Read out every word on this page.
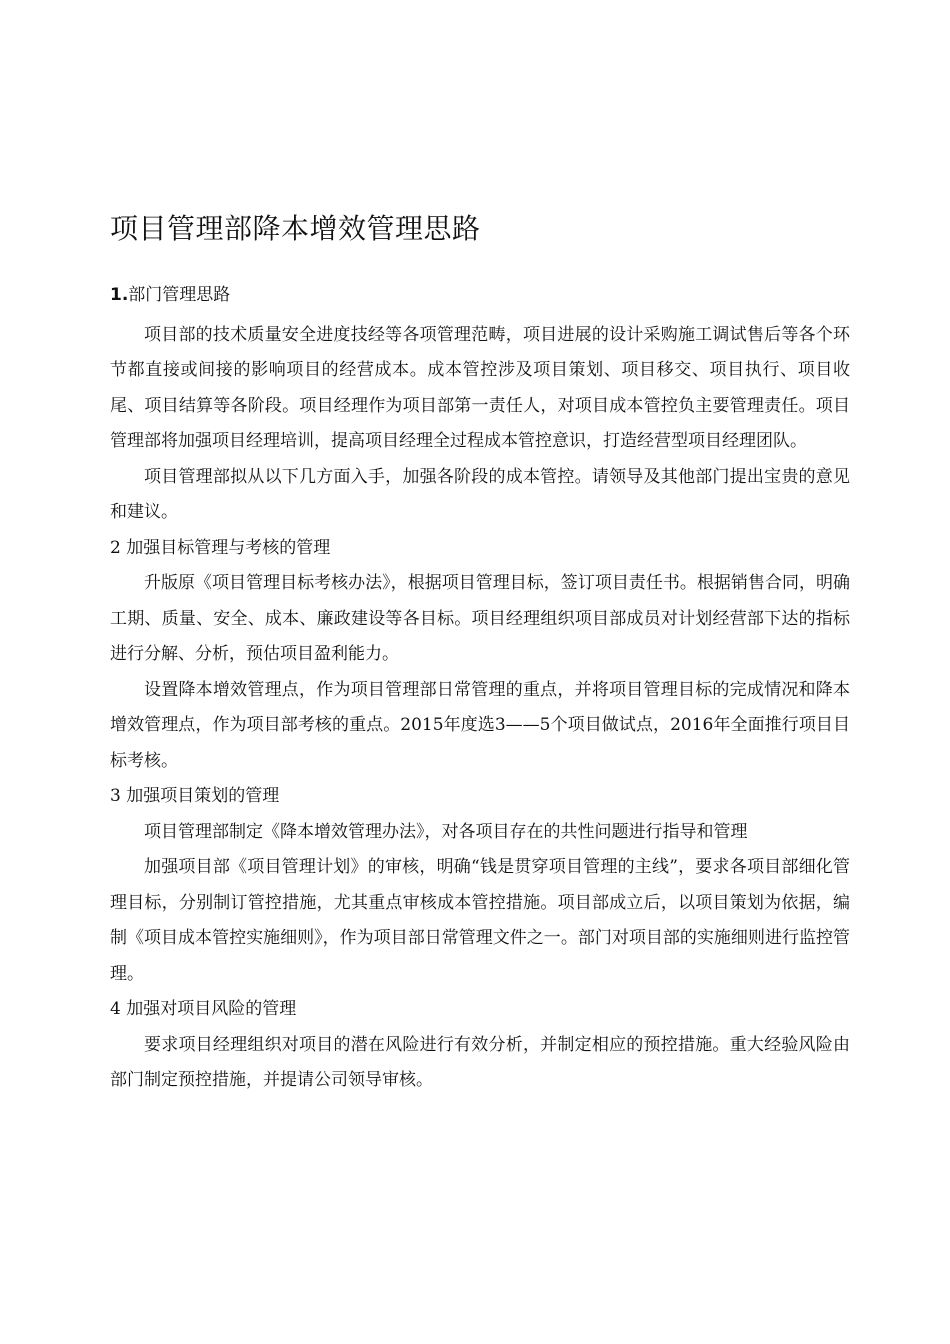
项目管理部降本增效管理思路
1.部门管理思路

项目部的技术质量安全进度技经等各项管理范畴，项目进展的设计采购施工调试售后等各个环节都直接或间接的影响项目的经营成本。成本管控涉及项目策划、项目移交、项目执行、项目收尾、项目结算等各阶段。项目经理作为项目部第一责任人，对项目成本管控负主要管理责任。项目管理部将加强项目经理培训，提高项目经理全过程成本管控意识，打造经营型项目经理团队。

项目管理部拟从以下几方面入手，加强各阶段的成本管控。请领导及其他部门提出宝贵的意见和建议。

2 加强目标管理与考核的管理

升版原《项目管理目标考核办法》，根据项目管理目标，签订项目责任书。根据销售合同，明确工期、质量、安全、成本、廉政建设等各目标。项目经理组织项目部成员对计划经营部下达的指标进行分解、分析，预估项目盈利能力。

设置降本增效管理点，作为项目管理部日常管理的重点，并将项目管理目标的完成情况和降本增效管理点，作为项目部考核的重点。2015年度选3——5个项目做试点，2016年全面推行项目目标考核。

3 加强项目策划的管理

项目管理部制定《降本增效管理办法》，对各项目存在的共性问题进行指导和管理

加强项目部《项目管理计划》的审核，明确“钱是贯穿项目管理的主线”，要求各项目部细化管理目标，分别制订管控措施，尤其重点审核成本管控措施。项目部成立后，以项目策划为依据，编制《项目成本管控实施细则》，作为项目部日常管理文件之一。部门对项目部的实施细则进行监控管理。

4 加强对项目风险的管理

要求项目经理组织对项目的潜在风险进行有效分析，并制定相应的预控措施。重大经验风险由部门制定预控措施，并提请公司领导审核。
